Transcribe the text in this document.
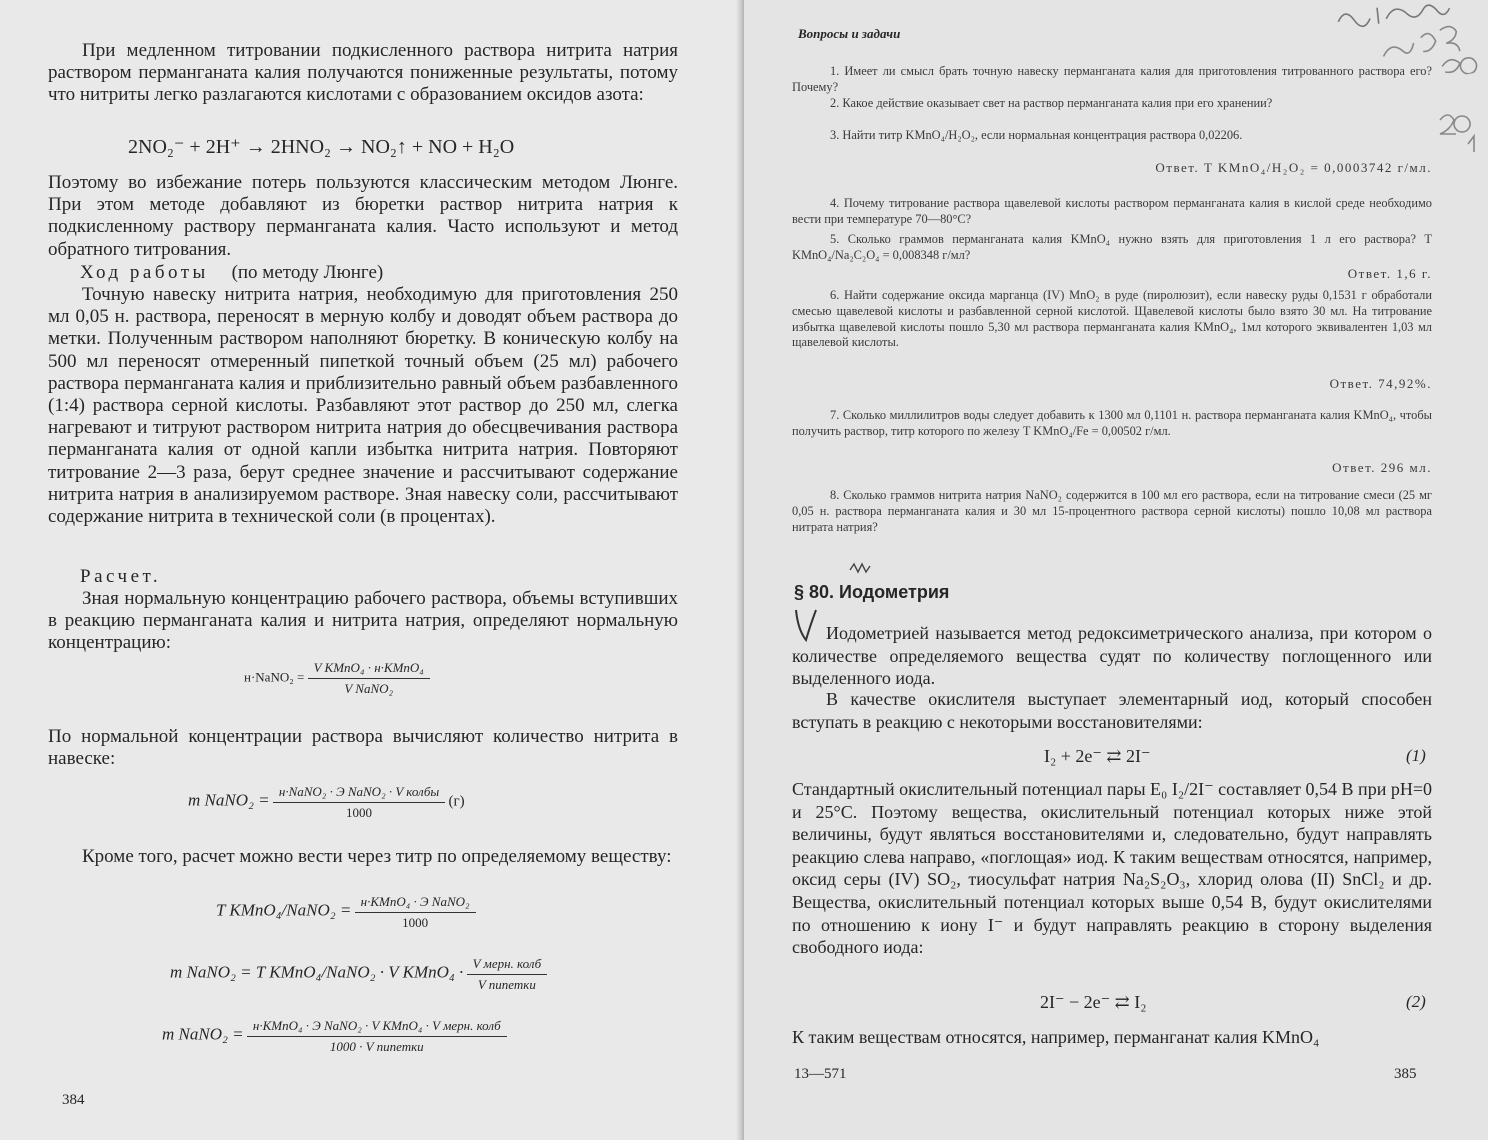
При медленном титровании подкисленного раствора нитрита натрия раствором перманганата калия получаются пониженные результаты, потому что нитриты легко разлагаются кислотами с образованием оксидов азота:
2NO₂⁻ + 2H⁺ → 2HNO₂ → NO₂↑ + NO + H₂O
Поэтому во избежание потерь пользуются классическим методом Люнге. При этом методе добавляют из бюретки раствор нитрита натрия к подкисленному раствору перманганата калия. Часто используют и метод обратного титрования.
Ход работы (по методу Люнге)
Точную навеску нитрита натрия, необходимую для приготовления 250 мл 0,05 н. раствора, переносят в мерную колбу и доводят объем раствора до метки. Полученным раствором наполняют бюретку. В коническую колбу на 500 мл переносят отмеренный пипеткой точный объем (25 мл) рабочего раствора перманганата калия и приблизительно равный объем разбавленного (1:4) раствора серной кислоты. Разбавляют этот раствор до 250 мл, слегка нагревают и титруют раствором нитрита натрия до обесцвечивания раствора перманганата калия от одной капли избытка нитрита натрия. Повторяют титрование 2—3 раза, берут среднее значение и рассчитывают содержание нитрита натрия в анализируемом растворе. Зная навеску соли, рассчитывают содержание нитрита в технической соли (в процентах).
Расчет.
Зная нормальную концентрацию рабочего раствора, объемы вступивших в реакцию перманганата калия и нитрита натрия, определяют нормальную концентрацию:
н·NaNO₂ = $\frac{\text{V KMnO₄ · н·KMnO₄}}{\text{V NaNO₂}}$
По нормальной концентрации раствора вычисляют количество нитрита в навеске:
m NaNO₂ = $\frac{\text{н·NaNO₂ · Э NaNO₂ · V колбы}}{1000} (г)$
Кроме того, расчет можно вести через титр по определяемому веществу:
T KMnO₄/NaNO₂ = $\frac{\text{н·KMnO₄ · Э NaNO₂}}{1000}$
m NaNO₂ = T KMnO₄/NaNO₂ · V KMnO₄ · $\frac{\text{V мерн. колб}}{\text{V пипетки}}$
m NaNO₂ = $\frac{\text{н·KMnO₄ · Э NaNO₂ · V KMnO₄ · V мерн. колб}}{\text{1000 · V пипетки}}$
384
Вопросы и задачи
1. Имеет ли смысл брать точную навеску перманганата калия для приготовления титрованного раствора его? Почему?
2. Какое действие оказывает свет на раствор перманганата калия при его хранении?
3. Найти титр KMnO₄/H₂O₂, если нормальная концентрация раствора 0,02206.
Ответ. T KMnO₄/H₂O₂ = 0,0003742 г/мл.
4. Почему титрование раствора щавелевой кислоты раствором перманганата калия в кислой среде необходимо вести при температуре 70—80°C?
5. Сколько граммов перманганата калия KMnO₄ нужно взять для приготовления 1 л его раствора? T KMnO₄/Na₂C₂O₄ = 0,008348 г/мл?
Ответ. 1,6 г.
6. Найти содержание оксида марганца (IV) MnO₂ в руде (пиролюзит), если навеску руды 0,1531 г обработали смесью щавелевой кислоты и разбавленной серной кислотой. Щавелевой кислоты было взято 30 мл. На титрование избытка щавелевой кислоты пошло 5,30 мл раствора перманганата калия KMnO₄, 1мл которого эквивалентен 1,03 мл щавелевой кислоты.
Ответ. 74,92%.
7. Сколько миллилитров воды следует добавить к 1300 мл 0,1101 н. раствора перманганата калия KMnO₄, чтобы получить раствор, титр которого по железу T KMnO₄/Fe = 0,00502 г/мл.
Ответ. 296 мл.
8. Сколько граммов нитрита натрия NaNO₂ содержится в 100 мл его раствора, если на титрование смеси (25 мг 0,05 н. раствора перманганата калия и 30 мл 15-процентного раствора серной кислоты) пошло 10,08 мл раствора нитрата натрия?
§ 80. Иодометрия
Иодометрией называется метод редоксиметрического анализа, при котором о количестве определяемого вещества судят по количеству поглощенного или выделенного иода.
В качестве окислителя выступает элементарный иод, который способен вступать в реакцию с некоторыми восстановителями:
I₂ + 2e⁻ ⇄ 2I⁻	(1)
Стандартный окислительный потенциал пары E₀ I₂/2I⁻ составляет 0,54 В при pH=0 и 25°C. Поэтому вещества, окислительный потенциал которых ниже этой величины, будут являться восстановителями и, следовательно, будут направлять реакцию слева направо, «поглощая» иод. К таким веществам относятся, например, оксид серы (IV) SO₂, тиосульфат натрия Na₂S₂O₃, хлорид олова (II) SnCl₂ и др. Вещества, окислительный потенциал которых выше 0,54 В, будут окислителями по отношению к иону I⁻ и будут направлять реакцию в сторону выделения свободного иода:
2I⁻ − 2e⁻ ⇄ I₂	(2)
К таким веществам относятся, например, перманганат калия KMnO₄
13—571	385
